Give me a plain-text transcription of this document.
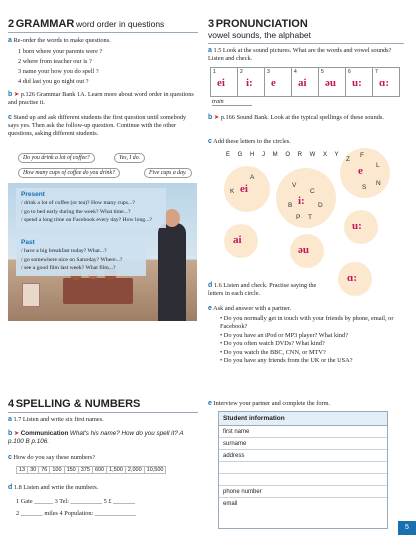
2 GRAMMAR word order in questions
a Re-order the words to make questions.
1 born where your parents were ?
2 where from teacher our is ?
3 name your how you do spell ?
4 did last you go night out ?
b ➤ p.126 Grammar Bank 1A. Learn more about word order in questions and practise it.
c Stand up and ask different students the first question until somebody says yes. Then ask the follow-up question. Continue with the other questions, asking different students.
Do you drink a lot of coffee?	Yes, I do.
How many cups of coffee do you drink?	Five cups a day.
Present
/ drink a lot of coffee (or tea)? How many cups...?
/ go to bed early during the week? What time...?
/ spend a long time on Facebook every day? How long...?
Past
/ have a big breakfast today? What...?
/ go somewhere nice on Saturday? Where...?
/ see a good film last week? What film...?
3 PRONUNCIATION
vowel sounds, the alphabet
a 1.5 Look at the sound pictures. What are the words and vowel sounds? Listen and check.
1
ei
2
i:
3
e
4
ai
5
əu
6
u:
7
ɑ:
train
b ➤ p.166 Sound Bank. Look at the typical spellings of these sounds.
c Add these letters to the circles.
E G H J M O R W X Y
K
A
ei	V
C
B	D
T
P
i:
Z
F
L
S
N
e
ai
əu
u:
ɑ:
d 1.6 Listen and check. Practise saying the letters in each circle.
e Ask and answer with a partner.
• Do you normally get in touch with your friends by phone, email, or Facebook?
• Do you have an iPod or MP3 player? What kind?
• Do you often watch DVDs? What kind?
• Do you watch the BBC, CNN, or MTV?
• Do you have any friends from the UK or the USA?
4 SPELLING & NUMBERS
a 1.7 Listen and write six first names.
b ➤ Communication What's his name? How do you spell it? A p.100 B p.106.
c How do you say these numbers?
13 30 76 100 150 375 600 1,500 2,000 10,500
d 1.8 Listen and write the numbers.
1 Gate ______ 3 Tel: __________ 5 £ _______
2 _______ miles 4 Population: _____________
e Interview your partner and complete the form.
Student information
first name
surname
address
phone number
email
5
